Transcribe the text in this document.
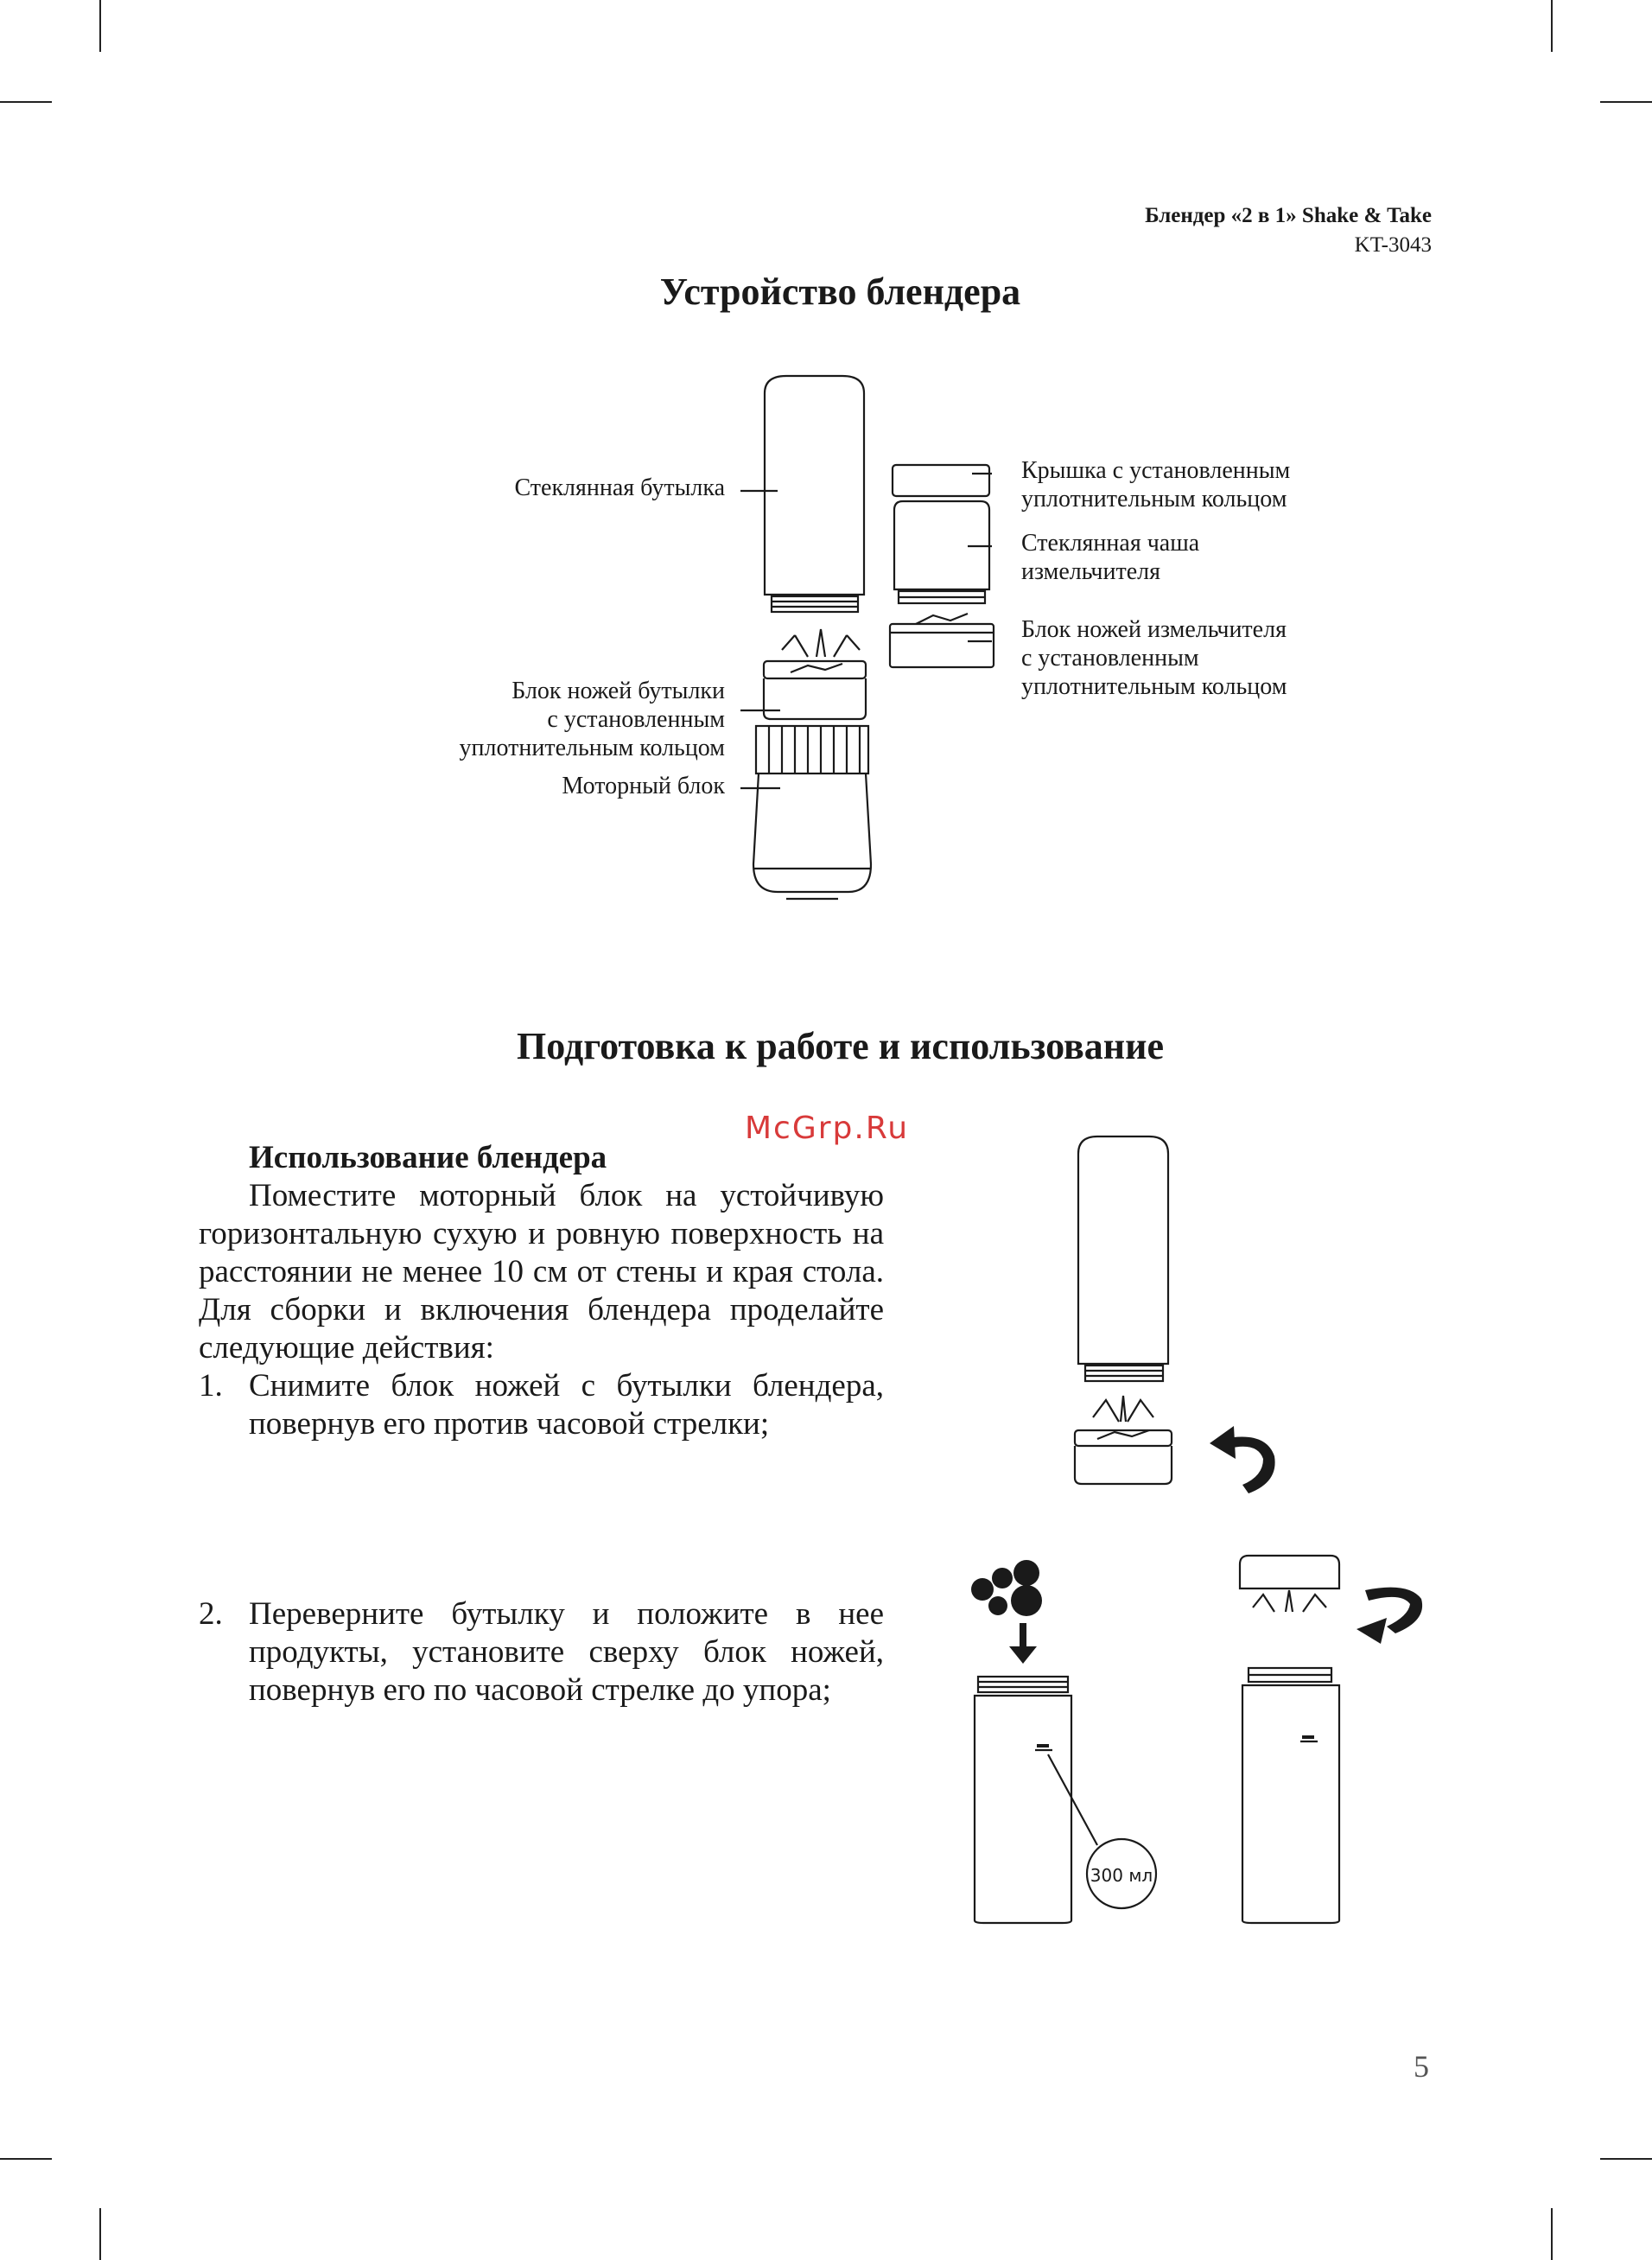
Блендер «2 в 1» Shake & Take
KT-3043
Устройство блендера
Стеклянная бутылка
Блок ножей бутылки
с установленным
уплотнительным кольцом
Моторный блок
Крышка с установленным
уплотнительным кольцом
Стеклянная чаша
измельчителя
Блок ножей измельчителя
с установленным
уплотнительным кольцом
Подготовка к работе и использование
McGrp.Ru
Использование блендера
Поместите моторный блок на устойчивую горизонтальную сухую и ровную поверхность на расстоянии не менее 10 см от стены и края стола. Для сборки и включения блендера проделайте следующие действия:
1. Снимите блок ножей с бутылки блендера, повернув его против часовой стрелки;
2. Переверните бутылку и положите в нее продукты, установите сверху блок ножей, повернув его по часовой стрелке до упора;
300 мл
5
